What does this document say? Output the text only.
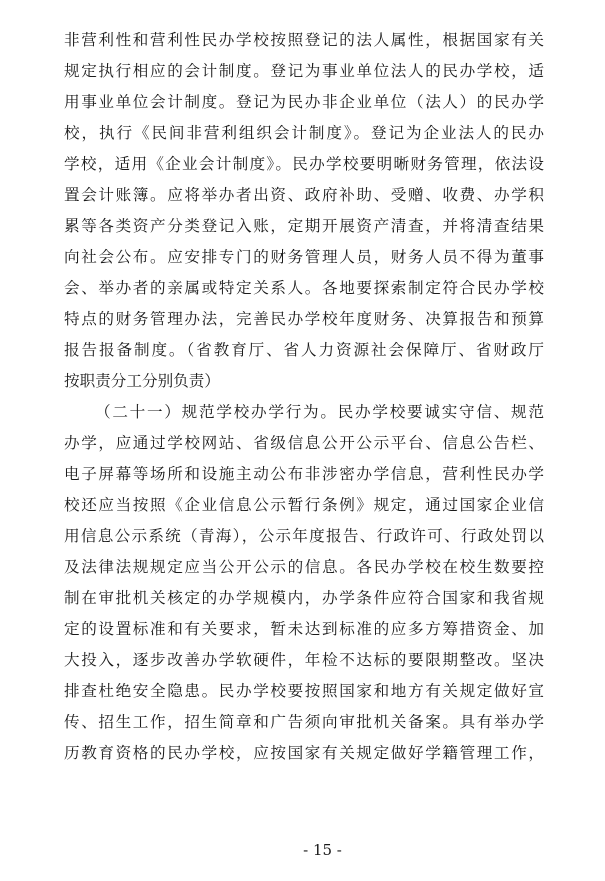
非营利性和营利性民办学校按照登记的法人属性，根据国家有关
规定执行相应的会计制度。登记为事业单位法人的民办学校，适
用事业单位会计制度。登记为民办非企业单位（法人）的民办学
校，执行《民间非营利组织会计制度》。登记为企业法人的民办
学校，适用《企业会计制度》。民办学校要明晰财务管理，依法设
置会计账簿。应将举办者出资、政府补助、受赠、收费、办学积
累等各类资产分类登记入账，定期开展资产清查，并将清查结果
向社会公布。应安排专门的财务管理人员，财务人员不得为董事
会、举办者的亲属或特定关系人。各地要探索制定符合民办学校
特点的财务管理办法，完善民办学校年度财务、决算报告和预算
报告报备制度。（省教育厅、省人力资源社会保障厅、省财政厅
按职责分工分别负责）
（二十一）规范学校办学行为。民办学校要诚实守信、规范
办学，应通过学校网站、省级信息公开公示平台、信息公告栏、
电子屏幕等场所和设施主动公布非涉密办学信息，营利性民办学
校还应当按照《企业信息公示暂行条例》规定，通过国家企业信
用信息公示系统（青海），公示年度报告、行政许可、行政处罚以
及法律法规规定应当公开公示的信息。各民办学校在校生数要控
制在审批机关核定的办学规模内，办学条件应符合国家和我省规
定的设置标准和有关要求，暂未达到标准的应多方筹措资金、加
大投入，逐步改善办学软硬件，年检不达标的要限期整改。坚决
排查杜绝安全隐患。民办学校要按照国家和地方有关规定做好宣
传、招生工作，招生简章和广告须向审批机关备案。具有举办学
历教育资格的民办学校，应按国家有关规定做好学籍管理工作，
- 15 -
